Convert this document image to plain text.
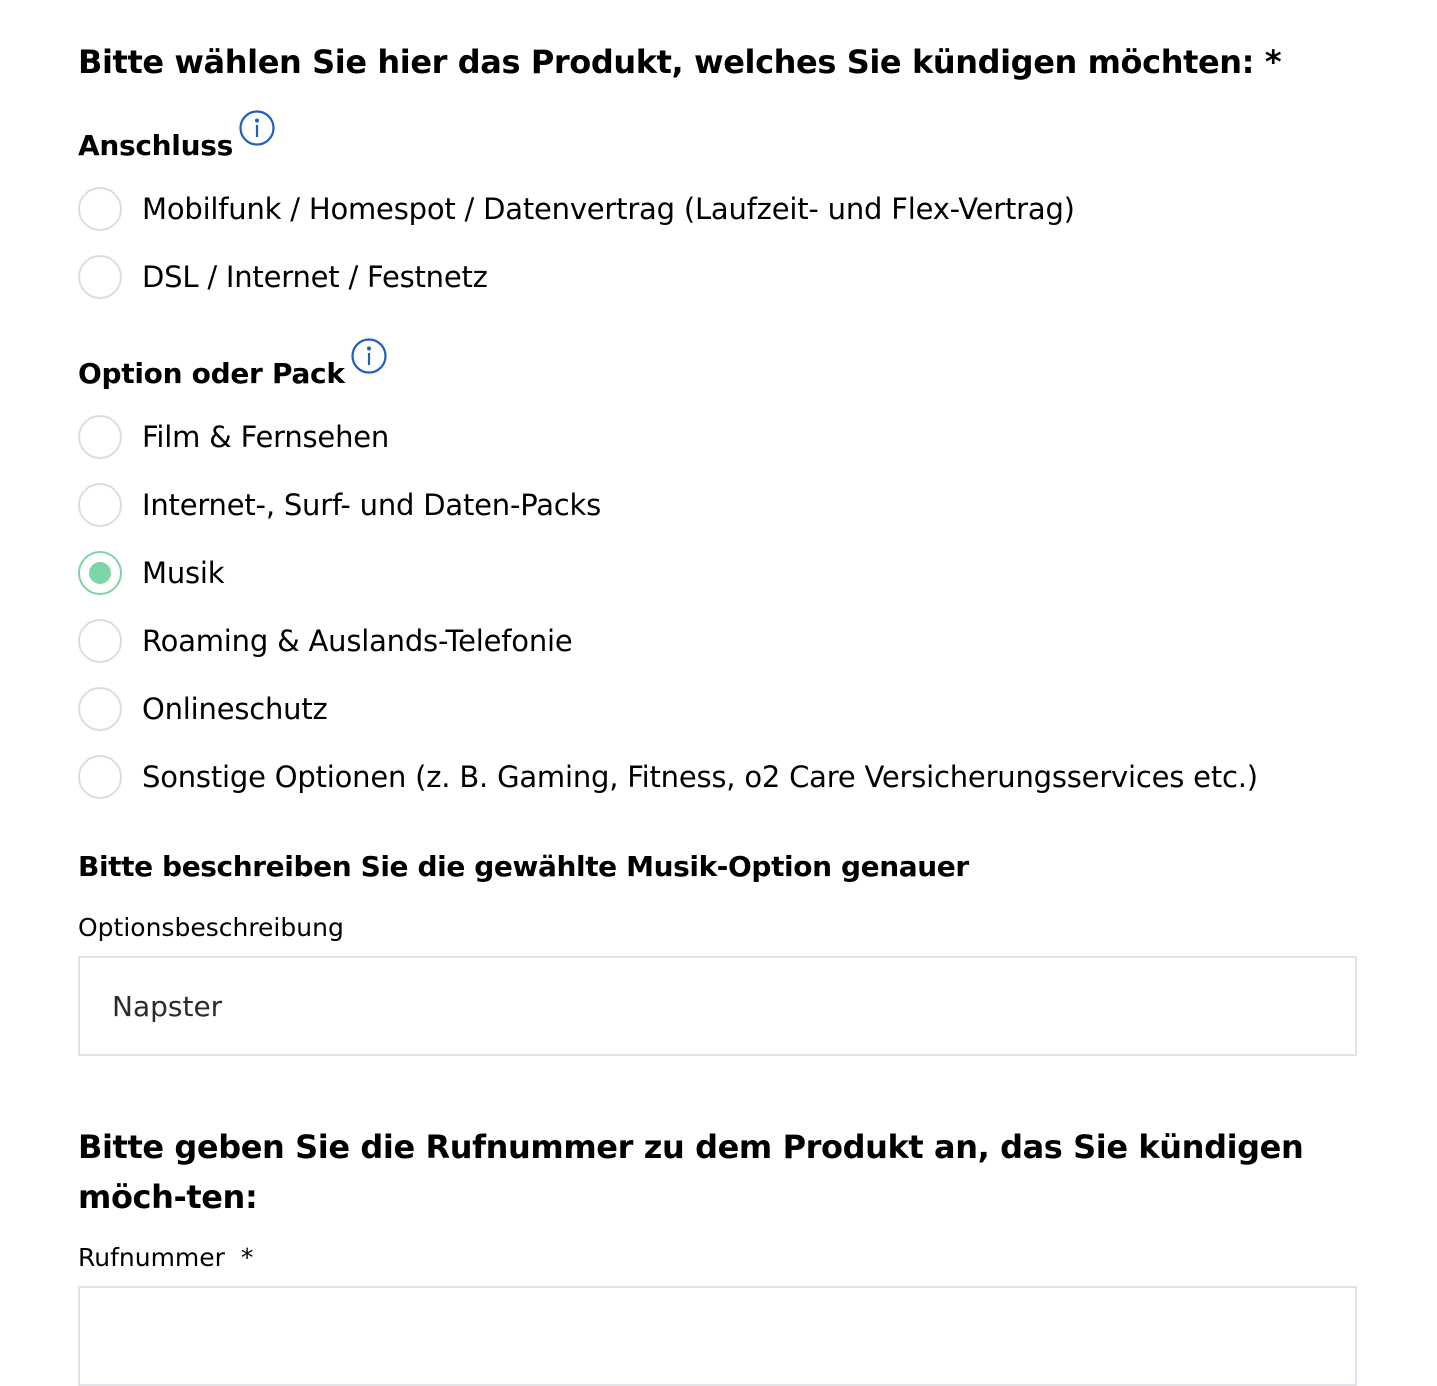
Bitte wählen Sie hier das Produkt, welches Sie kündigen möchten: *
Anschluss
Mobilfunk / Homespot / Datenvertrag (Laufzeit- und Flex-Vertrag)
DSL / Internet / Festnetz
Option oder Pack
Film & Fernsehen
Internet-, Surf- und Daten-Packs
Musik
Roaming & Auslands-Telefonie
Onlineschutz
Sonstige Optionen (z. B. Gaming, Fitness, o2 Care Versicherungsservices etc.)
Bitte beschreiben Sie die gewählte Musik-Option genauer
Optionsbeschreibung
Napster
Bitte geben Sie die Rufnummer zu dem Produkt an, das Sie kündigen möch-ten:
Rufnummer  *
